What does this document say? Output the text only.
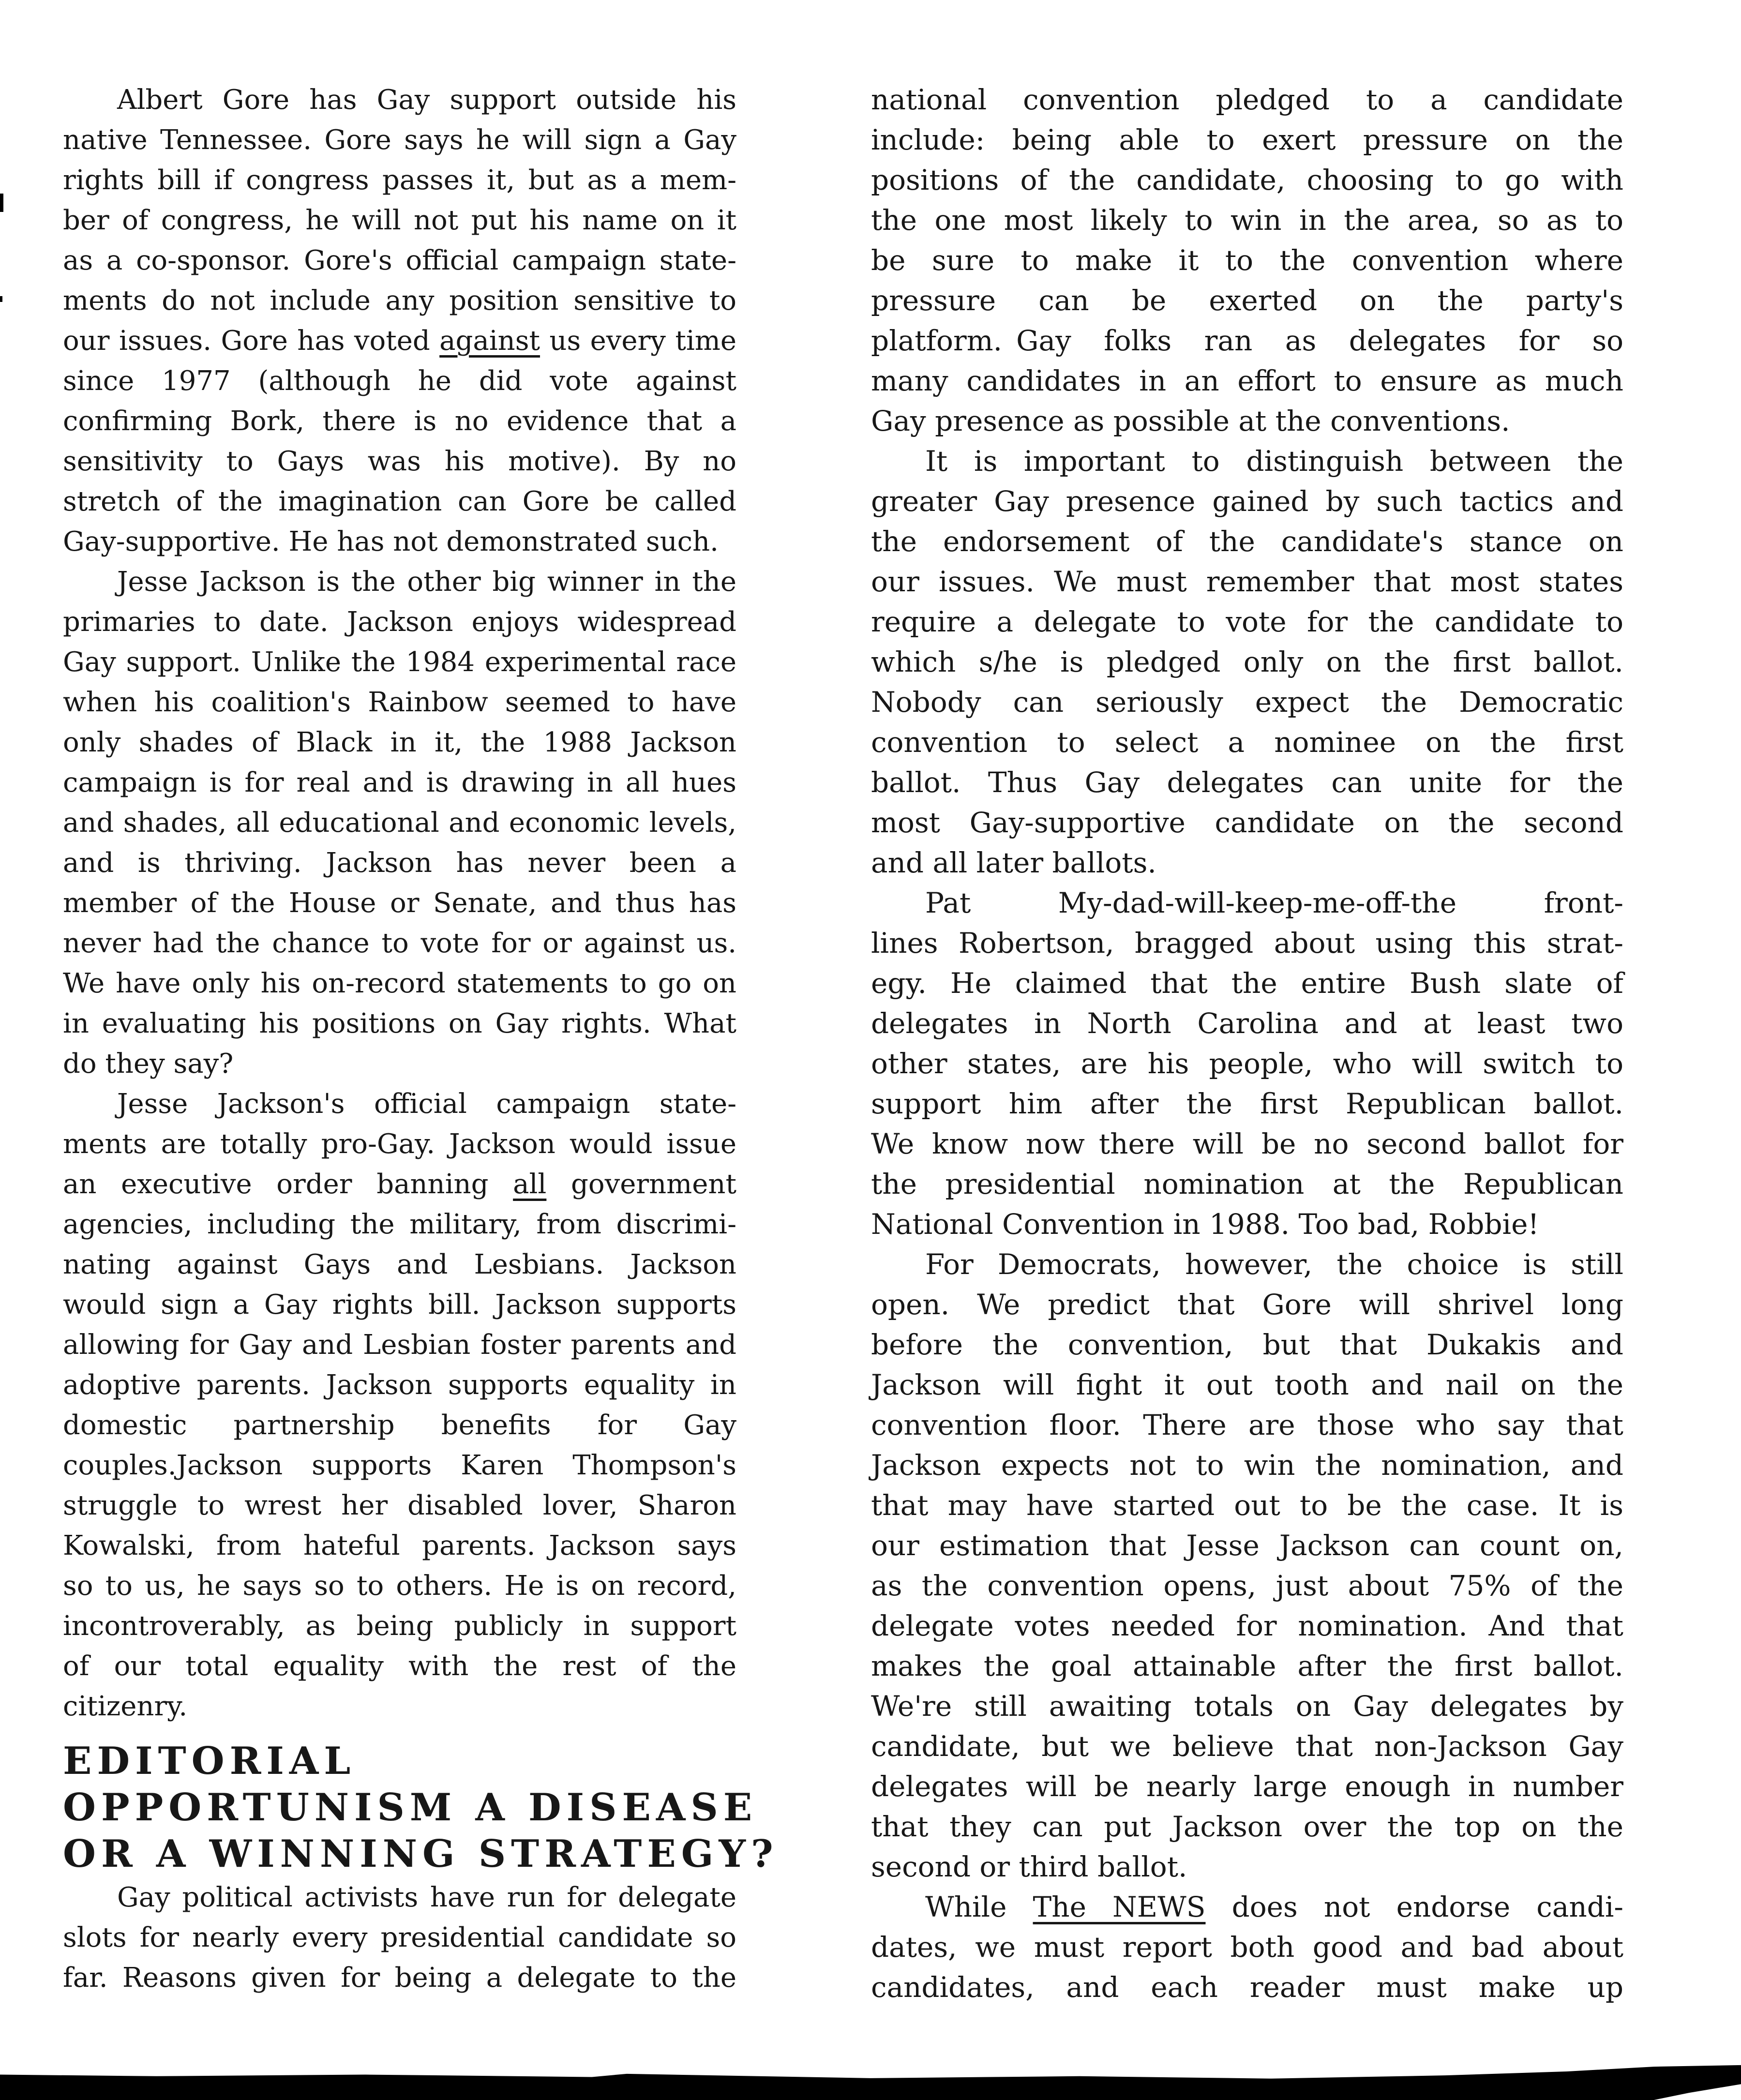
Albert Gore has Gay support outside his
native Tennessee. Gore says he will sign a Gay
rights bill if congress passes it, but as a mem-
ber of congress, he will not put his name on it
as a co-sponsor. Gore's official campaign state-
ments do not include any position sensitive to
our issues. Gore has voted against us every time
since 1977 (although he did vote against
confirming Bork, there is no evidence that a
sensitivity to Gays was his motive). By no
stretch of the imagination can Gore be called
Gay-supportive. He has not demonstrated such.
Jesse Jackson is the other big winner in the
primaries to date. Jackson enjoys widespread
Gay support. Unlike the 1984 experimental race
when his coalition's Rainbow seemed to have
only shades of Black in it, the 1988 Jackson
campaign is for real and is drawing in all hues
and shades, all educational and economic levels,
and is thriving. Jackson has never been a
member of the House or Senate, and thus has
never had the chance to vote for or against us.
We have only his on-record statements to go on
in evaluating his positions on Gay rights. What
do they say?
Jesse Jackson's official campaign state-
ments are totally pro-Gay. Jackson would issue
an executive order banning all government
agencies, including the military, from discrimi-
nating against Gays and Lesbians. Jackson
would sign a Gay rights bill. Jackson supports
allowing for Gay and Lesbian foster parents and
adoptive parents. Jackson supports equality in
domestic partnership benefits for Gay
couples.Jackson supports Karen Thompson's
struggle to wrest her disabled lover, Sharon
Kowalski, from hateful parents. Jackson says
so to us, he says so to others. He is on record,
incontroverably, as being publicly in support
of our total equality with the rest of the
citizenry.
EDITORIAL
OPPORTUNISM A DISEASE
OR A WINNING STRATEGY?
Gay political activists have run for delegate
slots for nearly every presidential candidate so
far. Reasons given for being a delegate to the
national convention pledged to a candidate
include: being able to exert pressure on the
positions of the candidate, choosing to go with
the one most likely to win in the area, so as to
be sure to make it to the convention where
pressure can be exerted on the party's
platform. Gay folks ran as delegates for so
many candidates in an effort to ensure as much
Gay presence as possible at the conventions.
It is important to distinguish between the
greater Gay presence gained by such tactics and
the endorsement of the candidate's stance on
our issues. We must remember that most states
require a delegate to vote for the candidate to
which s/he is pledged only on the first ballot.
Nobody can seriously expect the Democratic
convention to select a nominee on the first
ballot. Thus Gay delegates can unite for the
most Gay-supportive candidate on the second
and all later ballots.
Pat My-dad-will-keep-me-off-the front-
lines Robertson, bragged about using this strat-
egy. He claimed that the entire Bush slate of
delegates in North Carolina and at least two
other states, are his people, who will switch to
support him after the first Republican ballot.
We know now there will be no second ballot for
the presidential nomination at the Republican
National Convention in 1988. Too bad, Robbie!
For Democrats, however, the choice is still
open. We predict that Gore will shrivel long
before the convention, but that Dukakis and
Jackson will fight it out tooth and nail on the
convention floor. There are those who say that
Jackson expects not to win the nomination, and
that may have started out to be the case. It is
our estimation that Jesse Jackson can count on,
as the convention opens, just about 75% of the
delegate votes needed for nomination. And that
makes the goal attainable after the first ballot.
We're still awaiting totals on Gay delegates by
candidate, but we believe that non-Jackson Gay
delegates will be nearly large enough in number
that they can put Jackson over the top on the
second or third ballot.
While The NEWS does not endorse candi-
dates, we must report both good and bad about
candidates, and each reader must make up
